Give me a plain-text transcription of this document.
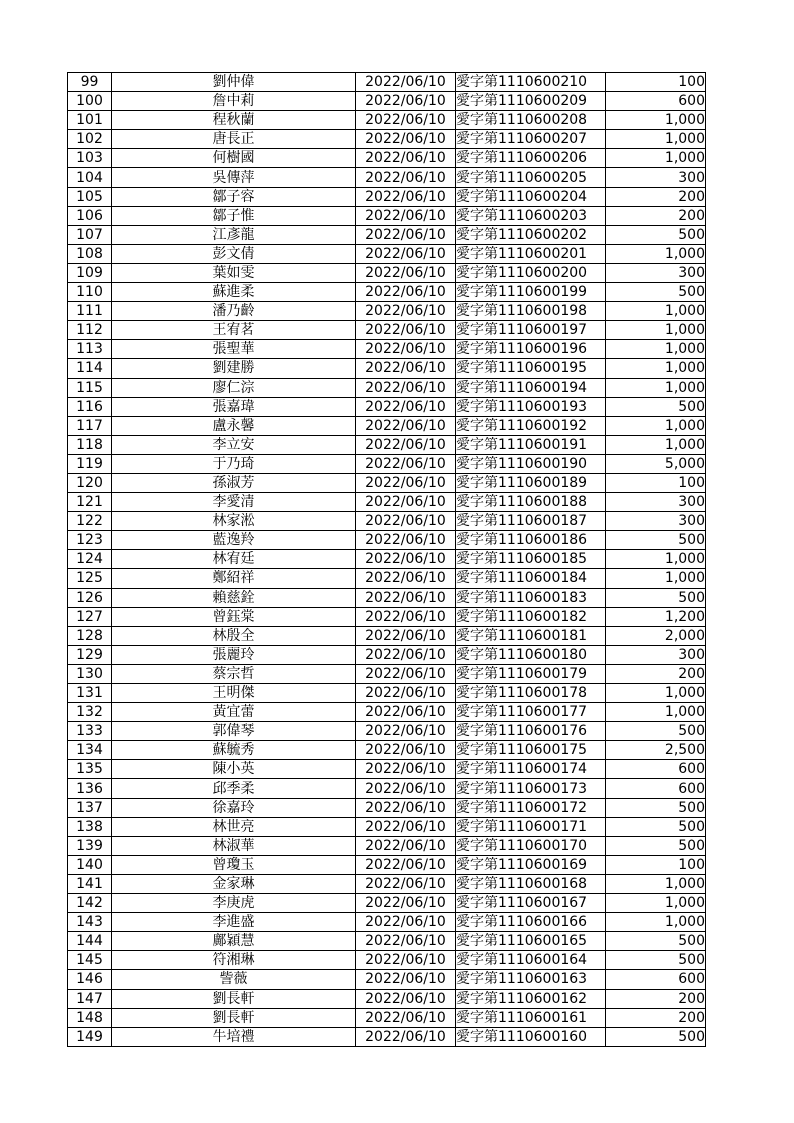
99	劉仲偉	2022/06/10	愛字第1110600210	100
100	詹中莉	2022/06/10	愛字第1110600209	600
101	程秋蘭	2022/06/10	愛字第1110600208	1,000
102	唐長正	2022/06/10	愛字第1110600207	1,000
103	何樹國	2022/06/10	愛字第1110600206	1,000
104	吳傳萍	2022/06/10	愛字第1110600205	300
105	鄒子容	2022/06/10	愛字第1110600204	200
106	鄒子惟	2022/06/10	愛字第1110600203	200
107	江彥龍	2022/06/10	愛字第1110600202	500
108	彭文倩	2022/06/10	愛字第1110600201	1,000
109	葉如雯	2022/06/10	愛字第1110600200	300
110	蘇進柔	2022/06/10	愛字第1110600199	500
111	潘乃齡	2022/06/10	愛字第1110600198	1,000
112	王宥茗	2022/06/10	愛字第1110600197	1,000
113	張聖華	2022/06/10	愛字第1110600196	1,000
114	劉建勝	2022/06/10	愛字第1110600195	1,000
115	廖仁淙	2022/06/10	愛字第1110600194	1,000
116	張嘉瑋	2022/06/10	愛字第1110600193	500
117	盧永馨	2022/06/10	愛字第1110600192	1,000
118	李立安	2022/06/10	愛字第1110600191	1,000
119	于乃琦	2022/06/10	愛字第1110600190	5,000
120	孫淑芳	2022/06/10	愛字第1110600189	100
121	李愛清	2022/06/10	愛字第1110600188	300
122	林家淞	2022/06/10	愛字第1110600187	300
123	藍逸羚	2022/06/10	愛字第1110600186	500
124	林宥廷	2022/06/10	愛字第1110600185	1,000
125	鄭紹祥	2022/06/10	愛字第1110600184	1,000
126	賴慈銓	2022/06/10	愛字第1110600183	500
127	曾鈺棠	2022/06/10	愛字第1110600182	1,200
128	林殷全	2022/06/10	愛字第1110600181	2,000
129	張麗玲	2022/06/10	愛字第1110600180	300
130	蔡宗哲	2022/06/10	愛字第1110600179	200
131	王明傑	2022/06/10	愛字第1110600178	1,000
132	黃宜蕾	2022/06/10	愛字第1110600177	1,000
133	郭偉琴	2022/06/10	愛字第1110600176	500
134	蘇毓秀	2022/06/10	愛字第1110600175	2,500
135	陳小英	2022/06/10	愛字第1110600174	600
136	邱季柔	2022/06/10	愛字第1110600173	600
137	徐嘉玲	2022/06/10	愛字第1110600172	500
138	林世亮	2022/06/10	愛字第1110600171	500
139	林淑華	2022/06/10	愛字第1110600170	500
140	曾瓊玉	2022/06/10	愛字第1110600169	100
141	金家琳	2022/06/10	愛字第1110600168	1,000
142	李庚虎	2022/06/10	愛字第1110600167	1,000
143	李進盛	2022/06/10	愛字第1110600166	1,000
144	鄺穎慧	2022/06/10	愛字第1110600165	500
145	符湘琳	2022/06/10	愛字第1110600164	500
146	訾薇	2022/06/10	愛字第1110600163	600
147	劉長軒	2022/06/10	愛字第1110600162	200
148	劉長軒	2022/06/10	愛字第1110600161	200
149	牛培禮	2022/06/10	愛字第1110600160	500
